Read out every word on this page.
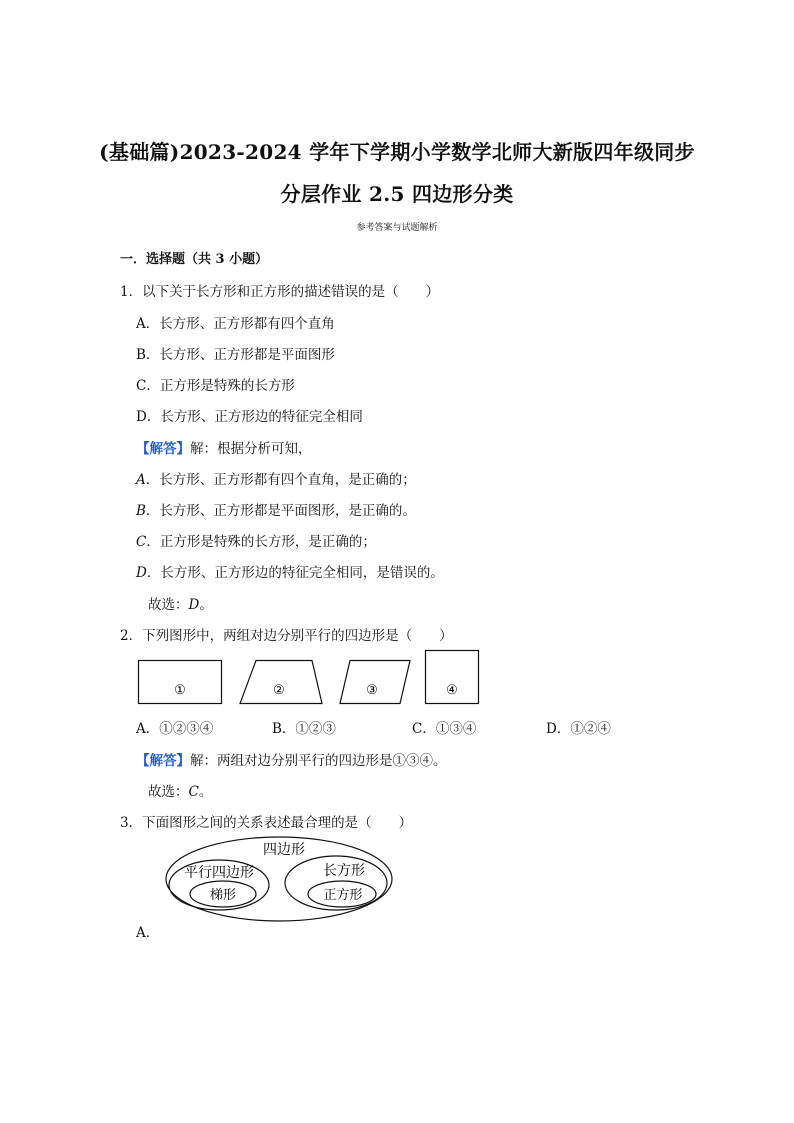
(基础篇)2023-2024 学年下学期小学数学北师大新版四年级同步
分层作业 2.5 四边形分类
参考答案与试题解析
一．选择题（共 3 小题）
1．以下关于长方形和正方形的描述错误的是（　　）
A．长方形、正方形都有四个直角
B．长方形、正方形都是平面图形
C．正方形是特殊的长方形
D．长方形、正方形边的特征完全相同
【解答】解：根据分析可知，
A．长方形、正方形都有四个直角，是正确的；
B．长方形、正方形都是平面图形，是正确的。
C．正方形是特殊的长方形，是正确的；
D．长方形、正方形边的特征完全相同，是错误的。
故选：D。
2．下列图形中，两组对边分别平行的四边形是（　　）
①	②	③	④
A．①②③④	B．①②③	C．①③④	D．①②④
【解答】解：两组对边分别平行的四边形是①③④。
故选：C。
3．下面图形之间的关系表述最合理的是（　　）
四边形
平行四边形
梯形
长方形
正方形
A．
